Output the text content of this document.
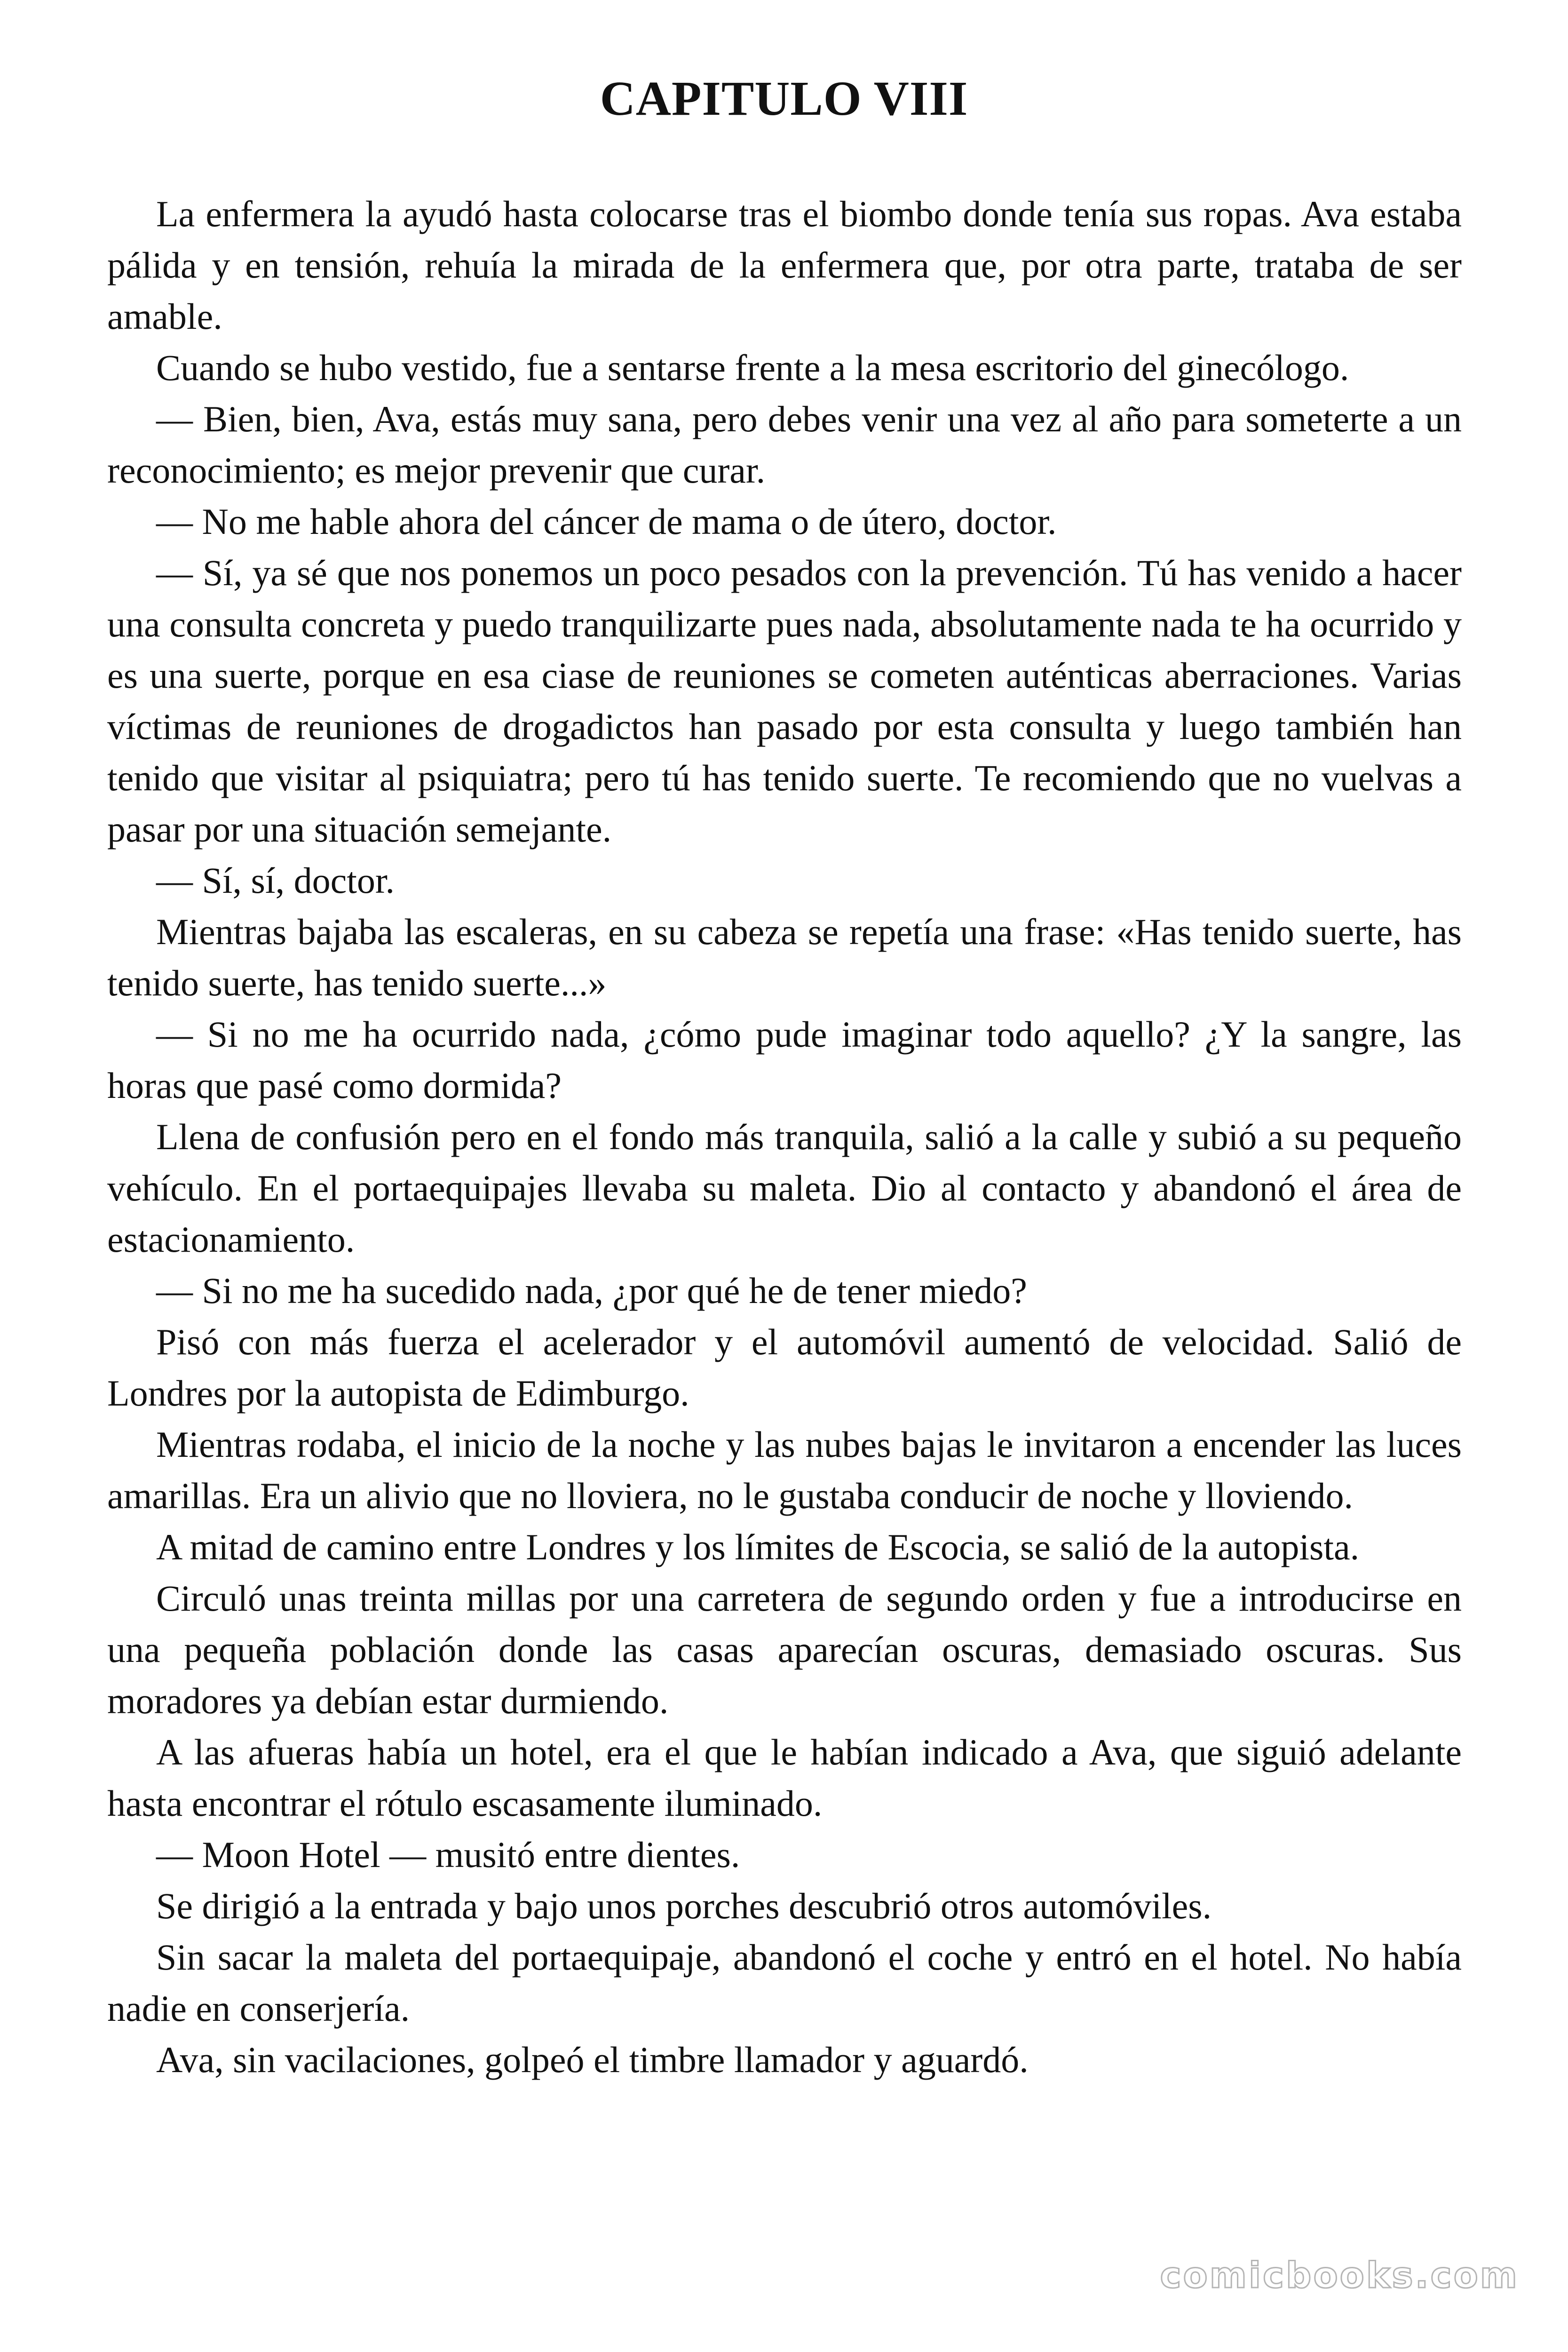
CAPITULO VIII

La enfermera la ayudó hasta colocarse tras el biombo donde tenía sus ropas. Ava estaba pálida y en tensión, rehuía la mirada de la enfermera que, por otra parte, trataba de ser amable.

Cuando se hubo vestido, fue a sentarse frente a la mesa escritorio del ginecólogo.

— Bien, bien, Ava, estás muy sana, pero debes venir una vez al año para someterte a un reconocimiento; es mejor prevenir que curar.

— No me hable ahora del cáncer de mama o de útero, doctor.

— Sí, ya sé que nos ponemos un poco pesados con la prevención. Tú has venido a hacer una consulta concreta y puedo tranquilizarte pues nada, absolutamente nada te ha ocurrido y es una suerte, porque en esa ciase de reuniones se cometen auténticas aberraciones. Varias víctimas de reuniones de drogadictos han pasado por esta consulta y luego también han tenido que visitar al psiquiatra; pero tú has tenido suerte. Te recomiendo que no vuelvas a pasar por una situación semejante.

— Sí, sí, doctor.

Mientras bajaba las escaleras, en su cabeza se repetía una frase: «Has tenido suerte, has tenido suerte, has tenido suerte...»

— Si no me ha ocurrido nada, ¿cómo pude imaginar todo aquello? ¿Y la sangre, las horas que pasé como dormida?

Llena de confusión pero en el fondo más tranquila, salió a la calle y subió a su pequeño vehículo. En el portaequipajes llevaba su maleta. Dio al contacto y abandonó el área de estacionamiento.

— Si no me ha sucedido nada, ¿por qué he de tener miedo?

Pisó con más fuerza el acelerador y el automóvil aumentó de velocidad. Salió de Londres por la autopista de Edimburgo.

Mientras rodaba, el inicio de la noche y las nubes bajas le invitaron a encender las luces amarillas. Era un alivio que no lloviera, no le gustaba conducir de noche y lloviendo.

A mitad de camino entre Londres y los límites de Escocia, se salió de la autopista.

Circuló unas treinta millas por una carretera de segundo orden y fue a introducirse en una pequeña población donde las casas aparecían oscuras, demasiado oscuras. Sus moradores ya debían estar durmiendo.

A las afueras había un hotel, era el que le habían indicado a Ava, que siguió adelante hasta encontrar el rótulo escasamente iluminado.

— Moon Hotel — musitó entre dientes.

Se dirigió a la entrada y bajo unos porches descubrió otros automóviles.

Sin sacar la maleta del portaequipaje, abandonó el coche y entró en el hotel. No había nadie en conserjería.

Ava, sin vacilaciones, golpeó el timbre llamador y aguardó.

comicbooks.com
